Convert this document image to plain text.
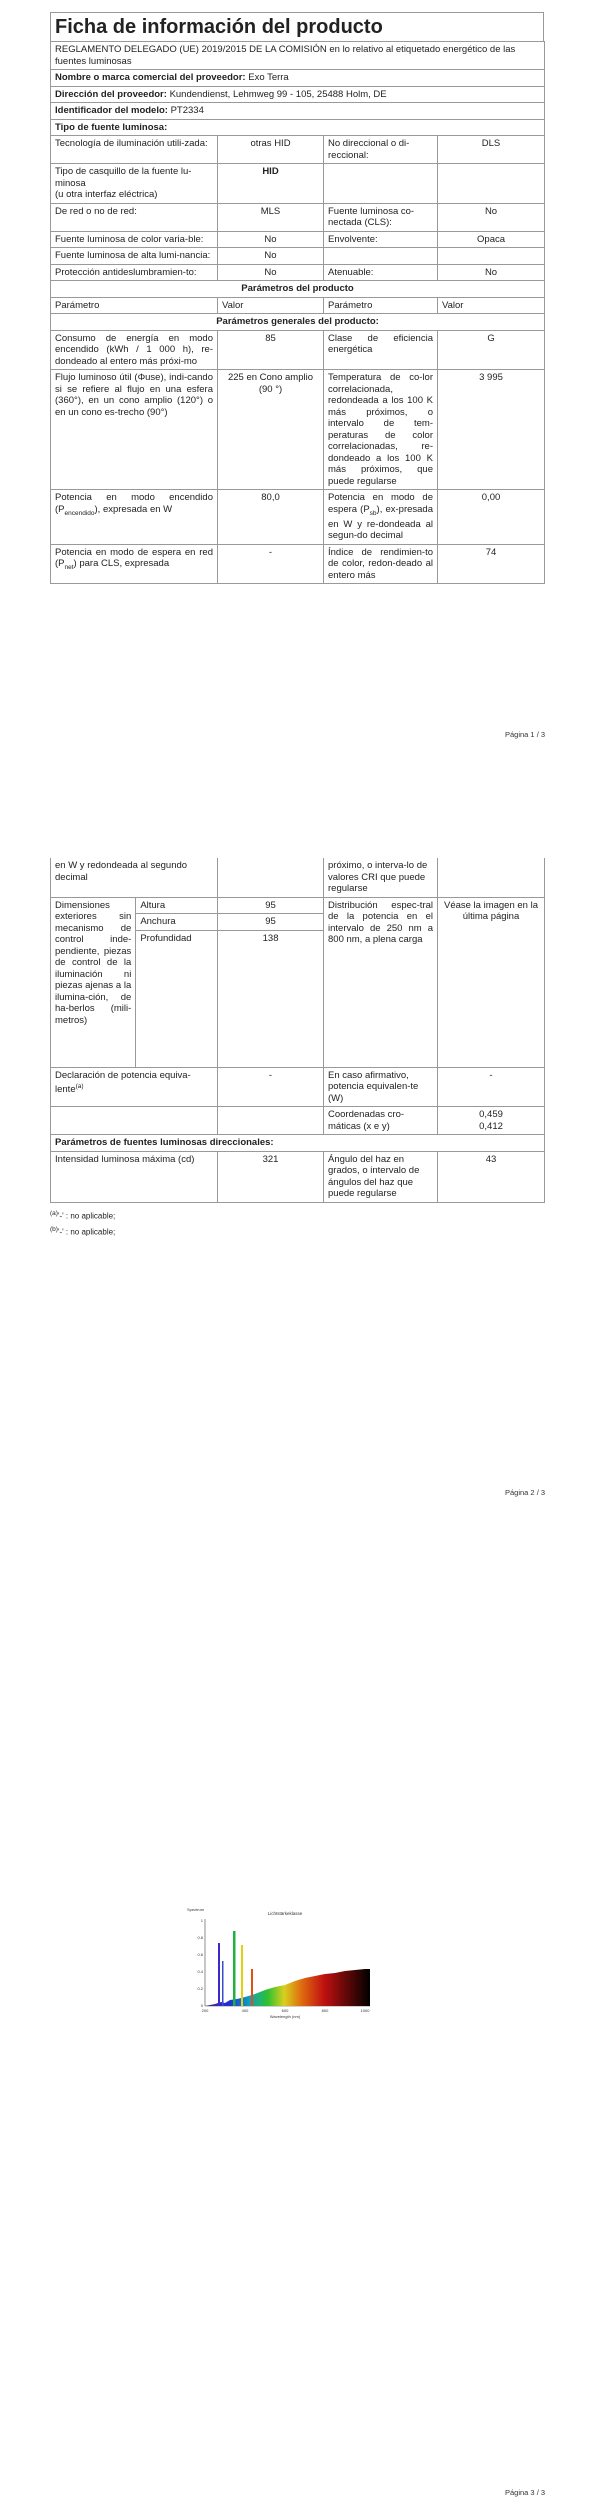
Ficha de información del producto
REGLAMENTO DELEGADO (UE) 2019/2015 DE LA COMISIÓN en lo relativo al etiquetado energético de las fuentes luminosas			
Nombre o marca comercial del proveedor: Exo Terra			
Dirección del proveedor: Kundendienst, Lehmweg 99 - 105, 25488 Holm, DE			
Identificador del modelo: PT2334			
Tipo de fuente luminosa:			
Tecnología de iluminación utili-zada:	otras HID	No direccional o di-reccional:	DLS
Tipo de casquillo de la fuente lu-minosa
(u otra interfaz eléctrica)	HID		
De red o no de red:	MLS	Fuente luminosa co-nectada (CLS):	No
Fuente luminosa de color varia-ble:	No	Envolvente:	Opaca
Fuente luminosa de alta lumi-nancia:	No		
Protección antideslumbramien-to:	No	Atenuable:	No
Parámetros del producto			
Parámetro	Valor	Parámetro	Valor
Parámetros generales del producto:			
Consumo de energía en modo encendido (kWh / 1 000 h), re-dondeado al entero más próxi-mo	85	Clase de eficiencia energética	G
Flujo luminoso útil (Φuse), indi-cando si se refiere al flujo en una esfera (360°), en un cono amplio (120°) o en un cono es-trecho (90°)	225 en Cono amplio (90 °)	Temperatura de co-lor correlacionada, redondeada a los 100 K más próximos, o intervalo de tem-peraturas de color correlacionadas, re-dondeado a los 100 K más próximos, que puede regularse	3 995
Potencia en modo encendido $(P_{encendido})$, expresada en W	80,0	Potencia en modo de espera $(P_{sb})$, ex-presada en W y re-dondeada al segun-do decimal	0,00
Potencia en modo de espera en red $(P_{net})$ para CLS, expresada	-	Índice de rendimien-to de color, redon-deado al entero más	74
Página 1 / 3
en W y redondeada al segundo decimal		próximo, o interva-lo de valores CRI que puede regularse	

Dimensiones exteriores sin mecanismo de control inde-pendiente, piezas de control de la iluminación ni piezas ajenas a la ilumina-ción, de ha-berlos (mili-metros)	Altura	95
Anchura	95
Profundidad	138
	Distribución espec-tral de la potencia en el intervalo de 250 nm a 800 nm, a plena carga	Véase la imagen en la última página
Declaración de potencia equiva-lente$^{(a)}$	-	En caso afirmativo, potencia equivalen-te (W)	-
		Coordenadas cro-máticas (x e y)	0,459
0,412
Parámetros de fuentes luminosas direccionales:
Intensidad luminosa máxima (cd)	321	Ángulo del haz en grados, o intervalo de ángulos del haz que puede regularse	43
$^{(a)}$'-' : no aplicable;
$^{(b)}$'-' : no aplicable;
Página 2 / 3
Spectrum
Lichtstärkeklasse
1
0.8
0.6
0.4
0.2
0
200	400	600	800	1000
Wavelength (nm)
Página 3 / 3
